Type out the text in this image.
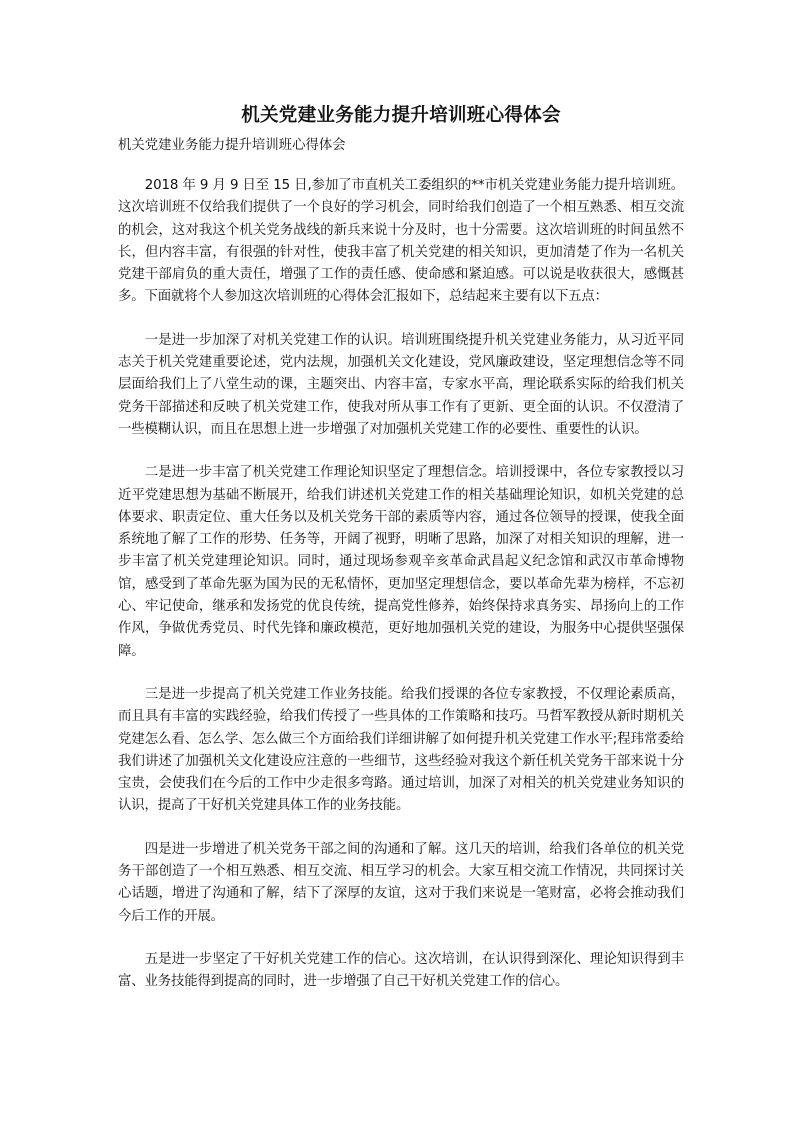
机关党建业务能力提升培训班心得体会
机关党建业务能力提升培训班心得体会

2018 年 9 月 9 日至 15 日,参加了市直机关工委组织的**市机关党建业务能力提升培训班。这次培训班不仅给我们提供了一个良好的学习机会，同时给我们创造了一个相互熟悉、相互交流的机会，这对我这个机关党务战线的新兵来说十分及时，也十分需要。这次培训班的时间虽然不长，但内容丰富，有很强的针对性，使我丰富了机关党建的相关知识，更加清楚了作为一名机关党建干部肩负的重大责任，增强了工作的责任感、使命感和紧迫感。可以说是收获很大，感慨甚多。下面就将个人参加这次培训班的心得体会汇报如下，总结起来主要有以下五点：

一是进一步加深了对机关党建工作的认识。培训班围绕提升机关党建业务能力，从习近平同志关于机关党建重要论述，党内法规，加强机关文化建设，党风廉政建设，坚定理想信念等不同层面给我们上了八堂生动的课，主题突出、内容丰富，专家水平高，理论联系实际的给我们机关党务干部描述和反映了机关党建工作，使我对所从事工作有了更新、更全面的认识。不仅澄清了一些模糊认识，而且在思想上进一步增强了对加强机关党建工作的必要性、重要性的认识。

二是进一步丰富了机关党建工作理论知识坚定了理想信念。培训授课中，各位专家教授以习近平党建思想为基础不断展开，给我们讲述机关党建工作的相关基础理论知识，如机关党建的总体要求、职责定位、重大任务以及机关党务干部的素质等内容，通过各位领导的授课，使我全面系统地了解了工作的形势、任务等，开阔了视野，明晰了思路，加深了对相关知识的理解，进一步丰富了机关党建理论知识。同时，通过现场参观辛亥革命武昌起义纪念馆和武汉市革命博物馆，感受到了革命先驱为国为民的无私情怀，更加坚定理想信念，要以革命先辈为榜样，不忘初心、牢记使命，继承和发扬党的优良传统，提高党性修养，始终保持求真务实、昂扬向上的工作作风，争做优秀党员、时代先锋和廉政模范，更好地加强机关党的建设，为服务中心提供坚强保障。

三是进一步提高了机关党建工作业务技能。给我们授课的各位专家教授，不仅理论素质高，而且具有丰富的实践经验，给我们传授了一些具体的工作策略和技巧。马哲军教授从新时期机关党建怎么看、怎么学、怎么做三个方面给我们详细讲解了如何提升机关党建工作水平;程玮常委给我们讲述了加强机关文化建设应注意的一些细节，这些经验对我这个新任机关党务干部来说十分宝贵，会使我们在今后的工作中少走很多弯路。通过培训，加深了对相关的机关党建业务知识的认识，提高了干好机关党建具体工作的业务技能。

四是进一步增进了机关党务干部之间的沟通和了解。这几天的培训，给我们各单位的机关党务干部创造了一个相互熟悉、相互交流、相互学习的机会。大家互相交流工作情况，共同探讨关心话题，增进了沟通和了解，结下了深厚的友谊，这对于我们来说是一笔财富，必将会推动我们今后工作的开展。

五是进一步坚定了干好机关党建工作的信心。这次培训，在认识得到深化、理论知识得到丰富、业务技能得到提高的同时，进一步增强了自己干好机关党建工作的信心。
